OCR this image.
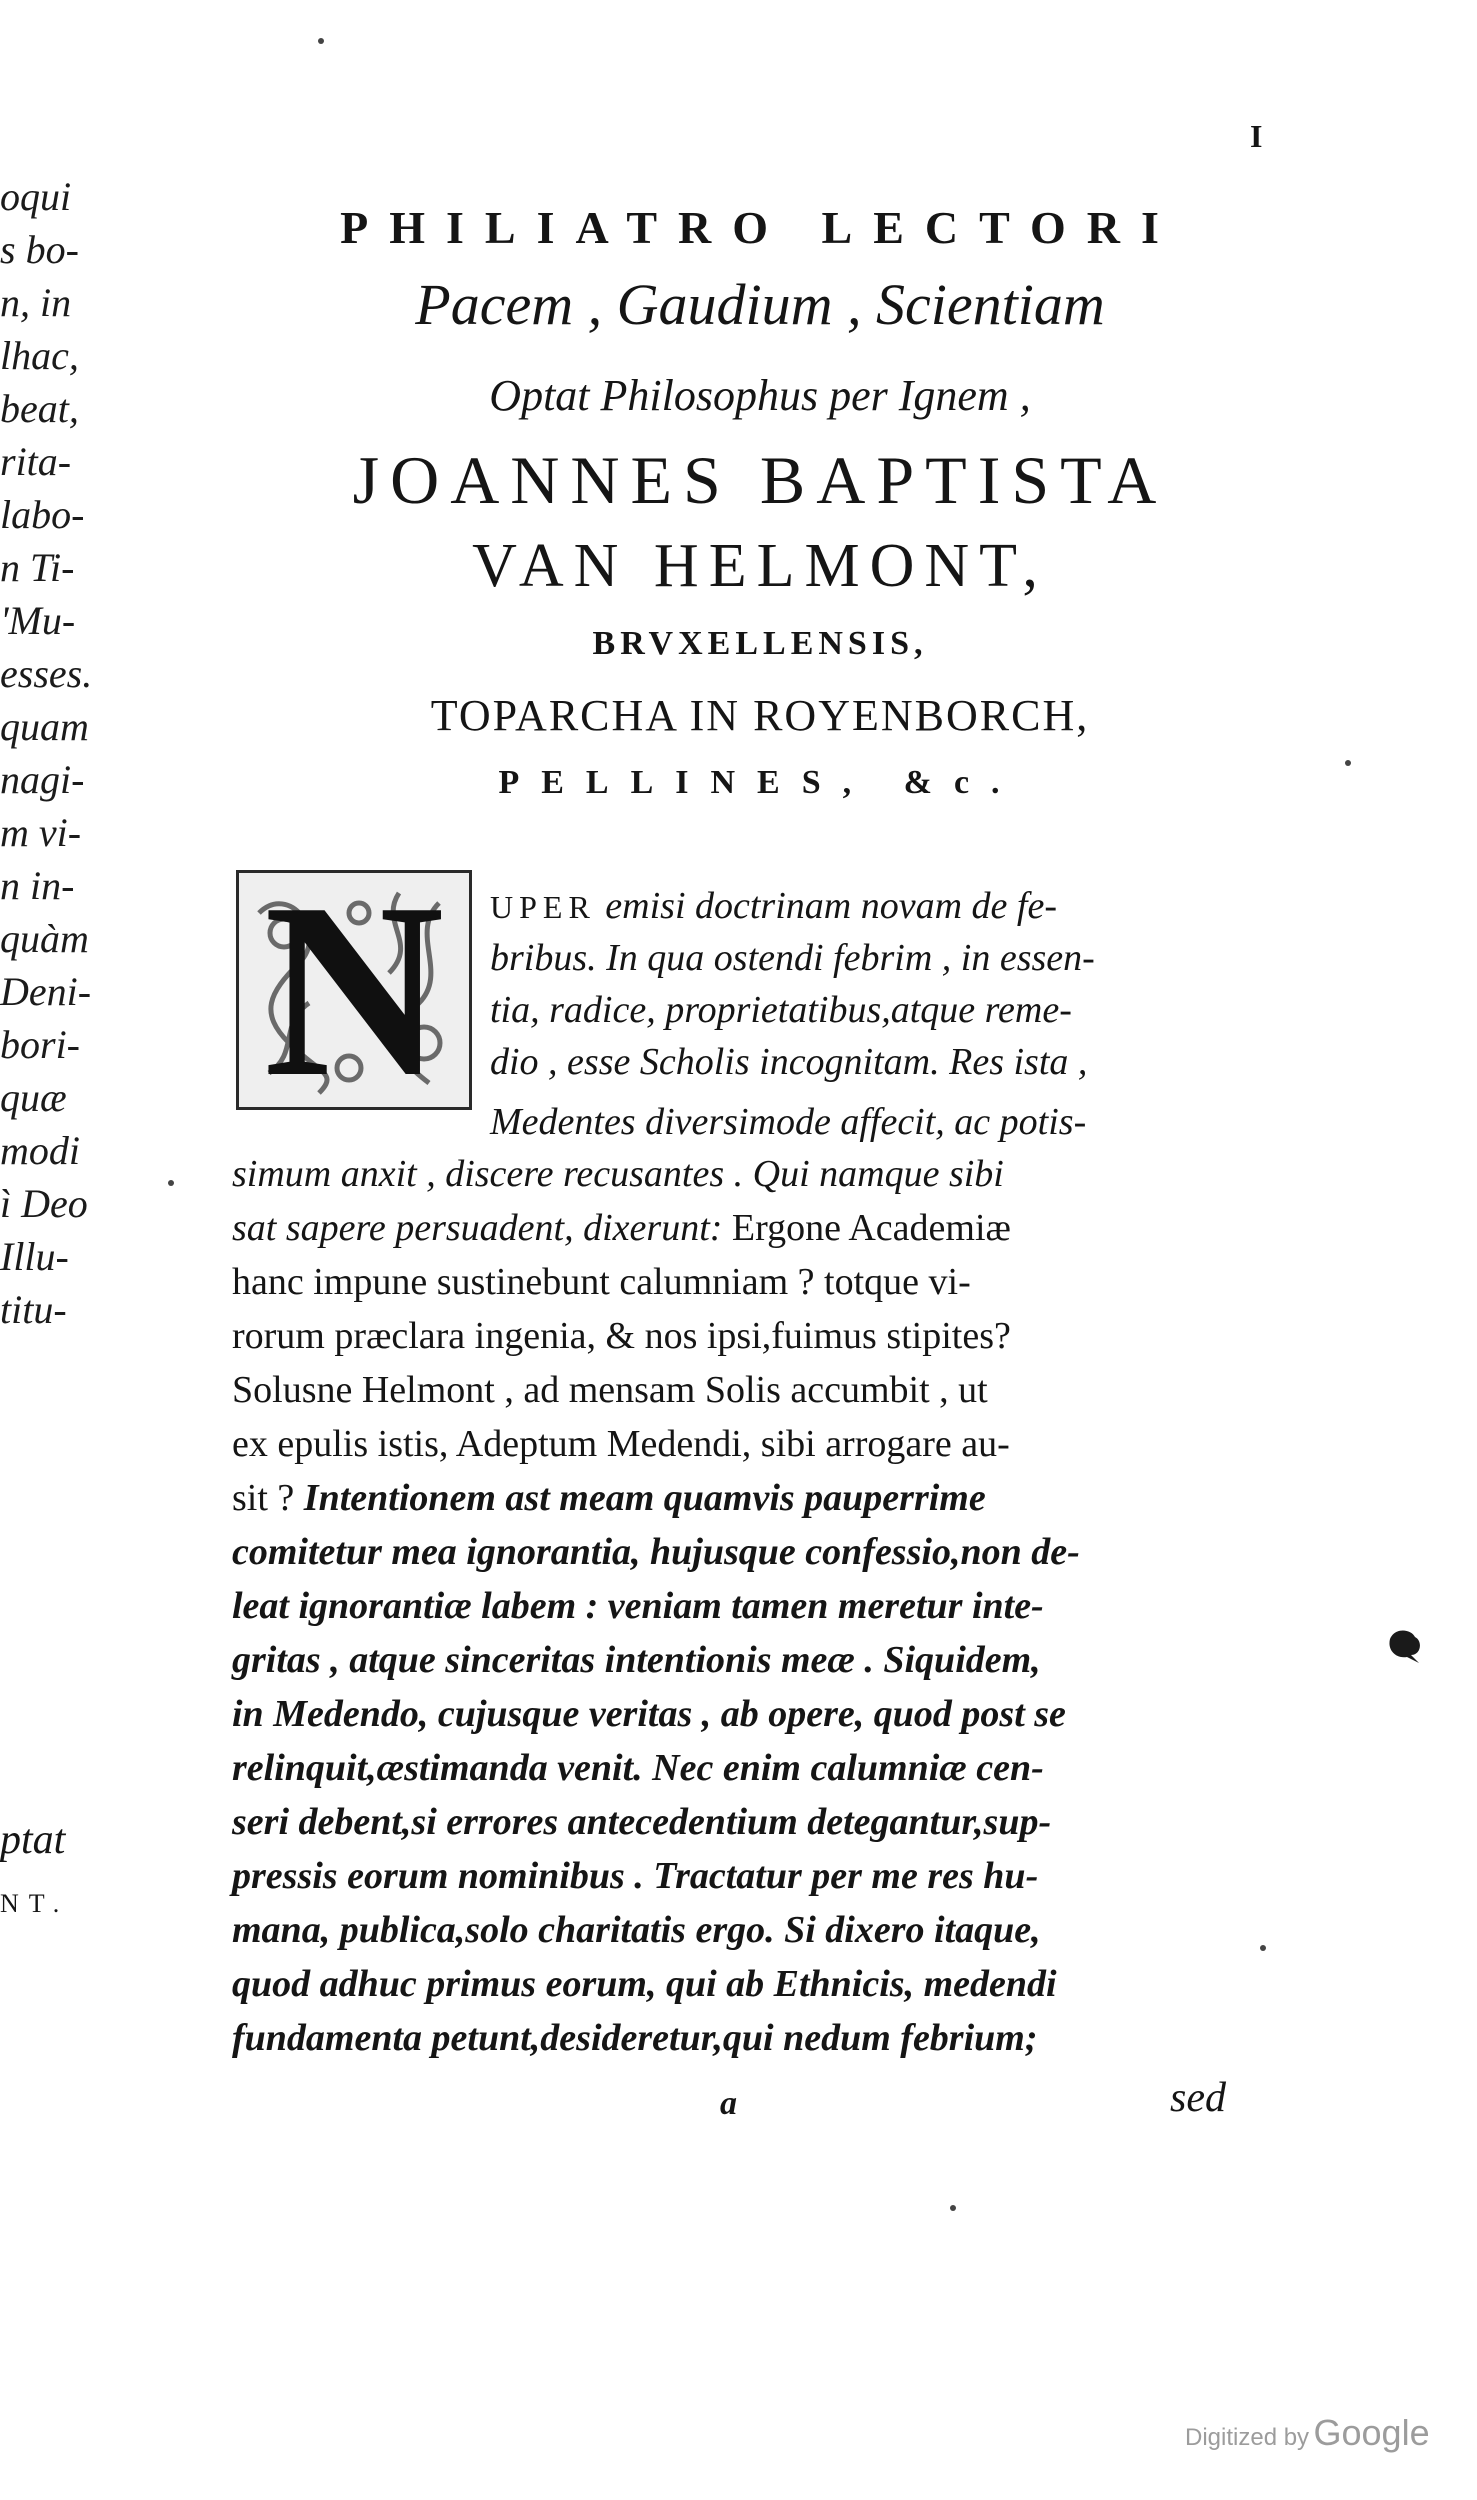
oqui
s bo-
n, in
lhac,
beat,
rita-
labo-
n Ti-
'Mu-
esses.
quam
nagi-
m vi-
n in-
quàm
Deni-
bori-
quæ
modi
ì Deo
Illu-
titu-
ptat
NT.
I
PHILIATRO LECTORI
Pacem , Gaudium , Scientiam
Optat Philosophus per Ignem ,
JOANNES BAPTISTA
VAN HELMONT,
BRVXELLENSIS,
TOPARCHA IN ROYENBORCH,
PELLINES, &c.
N	UPER emisi doctrinam novam de fe-
bribus. In qua ostendi febrim , in essen-
tia, radice, proprietatibus,atque reme-
dio , esse Scholis incognitam. Res ista ,
Medentes diversimode affecit, ac potis-
simum anxit , discere recusantes . Qui namque sibi
sat sapere persuadent, dixerunt: Ergone Academiæ
hanc impune sustinebunt calumniam ? totque vi-
rorum præclara ingenia, & nos ipsi,fuimus stipites?
Solusne Helmont , ad mensam Solis accumbit , ut
ex epulis istis, Adeptum Medendi, sibi arrogare au-
sit ? Intentionem ast meam quamvis pauperrime
comitetur mea ignorantia, hujusque confessio,non de-
leat ignorantiæ labem : veniam tamen meretur inte-
gritas , atque sinceritas intentionis meæ . Siquidem,
in Medendo, cujusque veritas , ab opere, quod post se
relinquit,æstimanda venit. Nec enim calumniæ cen-
seri debent,si errores antecedentium detegantur,sup-
pressis eorum nominibus . Tractatur per me res hu-
mana, publica,solo charitatis ergo. Si dixero itaque,
quod adhuc primus eorum, qui ab Ethnicis, medendi
fundamenta petunt,desideretur,qui nedum febrium;
a	sed
Digitized by Google
